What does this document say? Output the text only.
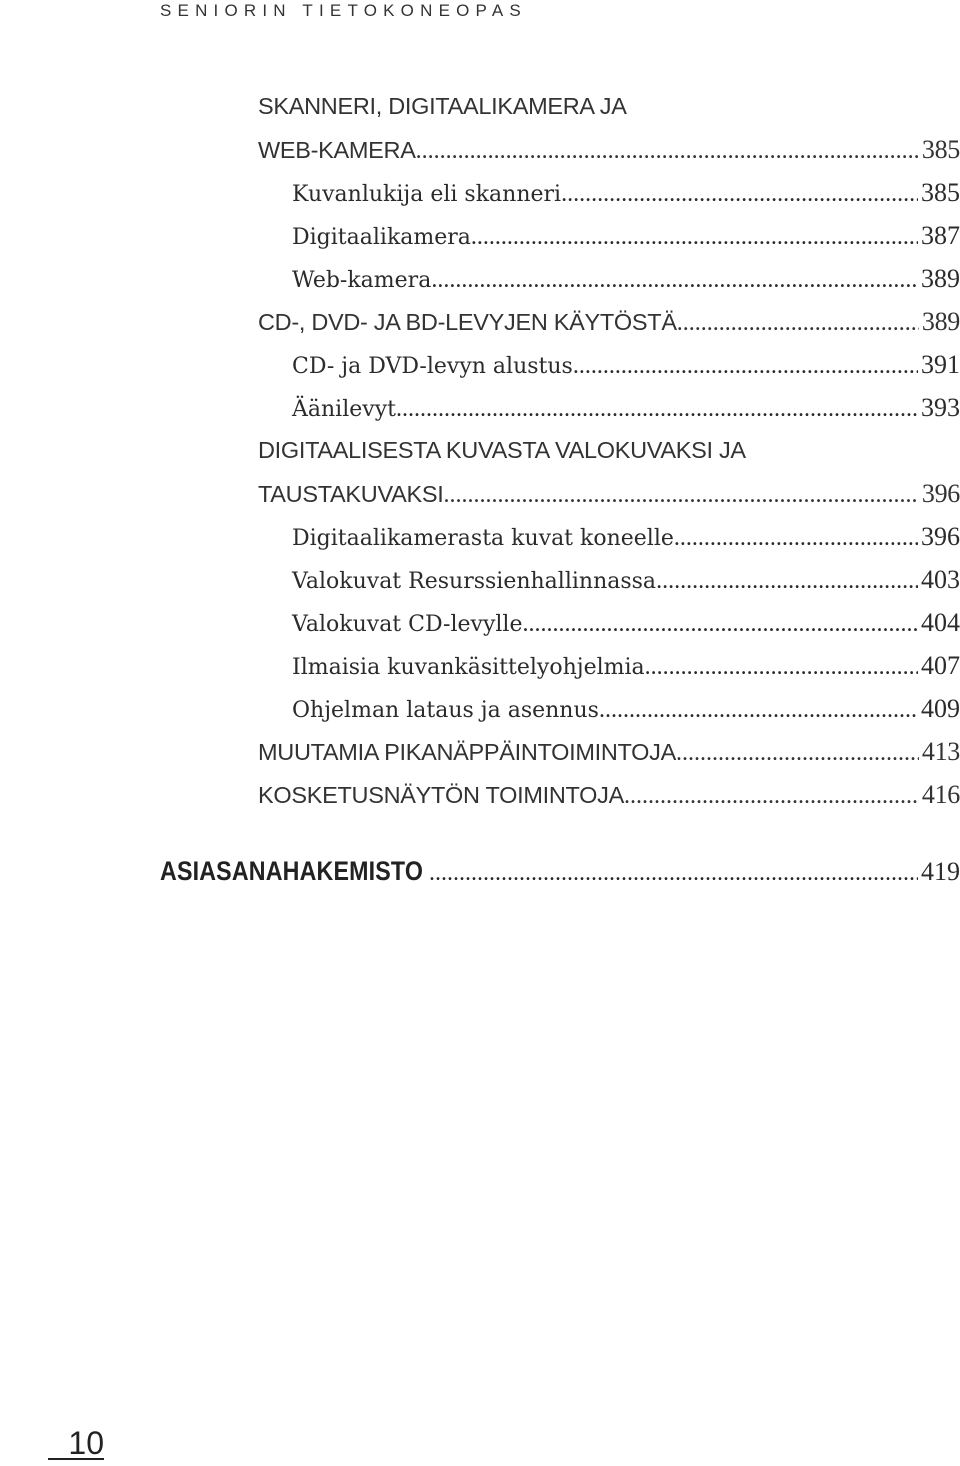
SENIORIN TIETOKONEOPAS
SKANNERI, DIGITAALIKAMERA JA
WEB-KAMERA .....	385
Kuvanlukija eli skanneri .....	385
Digitaalikamera .....	387
Web-kamera .....	389
CD-, DVD- JA BD-LEVYJEN KÄYTÖSTÄ .....	389
CD- ja DVD-levyn alustus .....	391
Äänilevyt .....	393
DIGITAALISESTA KUVASTA VALOKUVAKSI JA
TAUSTAKUVAKSI .....	396
Digitaalikamerasta kuvat koneelle .....	396
Valokuvat Resurssienhallinnassa .....	403
Valokuvat CD-levylle .....	404
Ilmaisia kuvankäsittelyohjelmia .....	407
Ohjelman lataus ja asennus .....	409
MUUTAMIA PIKANÄPPÄINTOIMINTOJA .....	413
KOSKETUSNÄYTÖN TOIMINTOJA .....	416
ASIASANAHAKEMISTO .....	419
10
